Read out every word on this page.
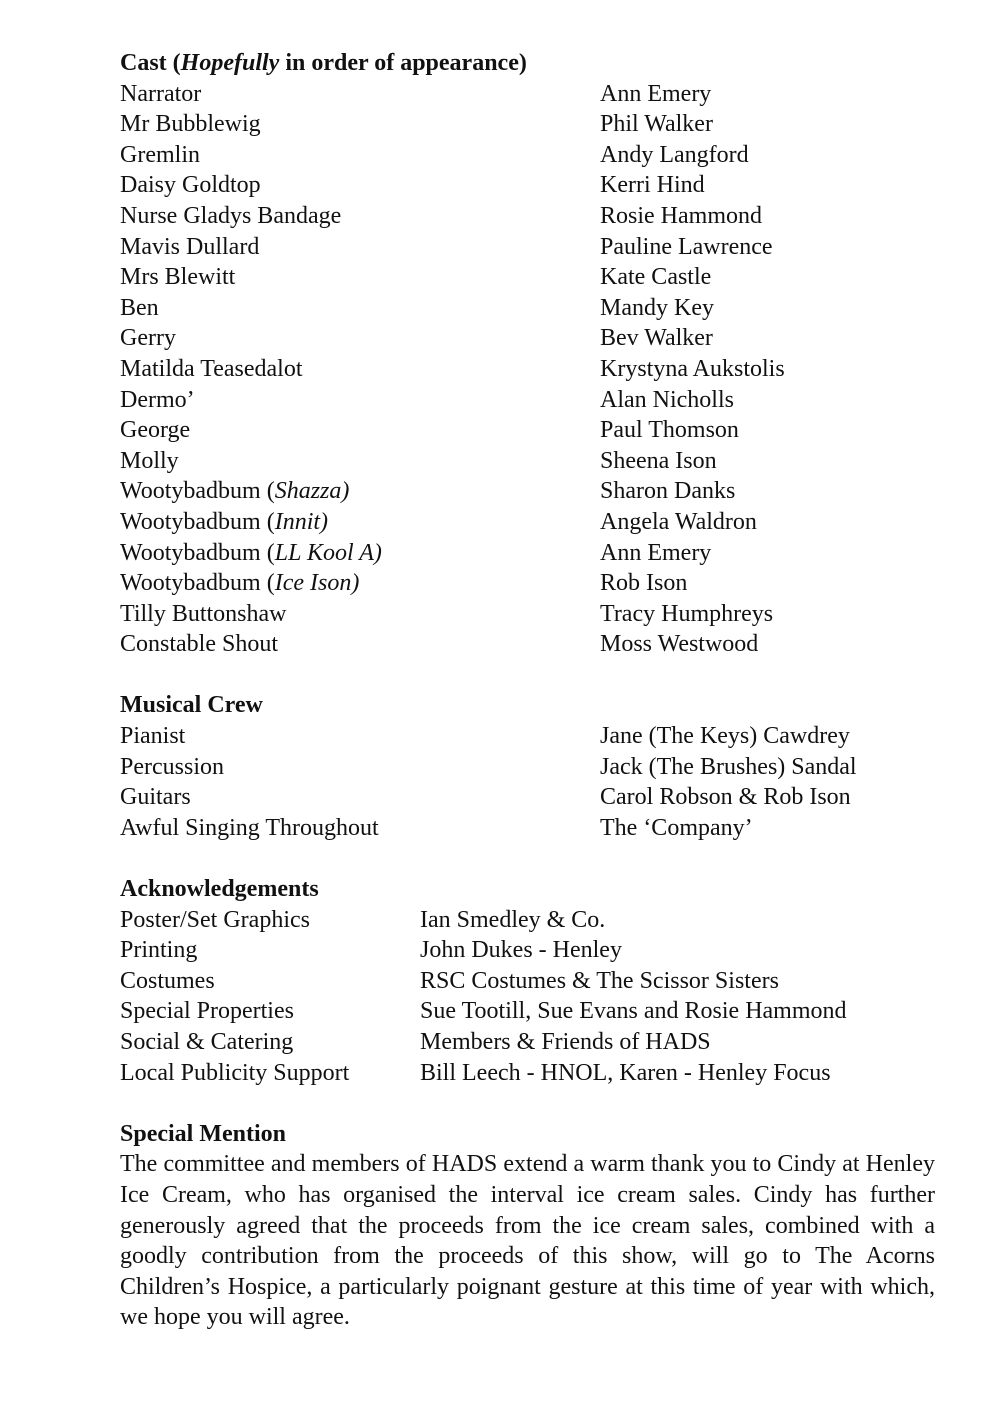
Cast (Hopefully in order of appearance)
Narrator	Ann Emery
Mr Bubblewig	Phil Walker
Gremlin	Andy Langford
Daisy Goldtop	Kerri Hind
Nurse Gladys Bandage	Rosie Hammond
Mavis Dullard	Pauline Lawrence
Mrs Blewitt	Kate Castle
Ben	Mandy Key
Gerry	Bev Walker
Matilda Teasedalot	Krystyna Aukstolis
Dermo’	Alan Nicholls
George	Paul Thomson
Molly	Sheena Ison
Wootybadbum (Shazza)	Sharon Danks
Wootybadbum (Innit)	Angela Waldron
Wootybadbum (LL Kool A)	Ann Emery
Wootybadbum (Ice Ison)	Rob Ison
Tilly Buttonshaw	Tracy Humphreys
Constable Shout	Moss Westwood
Musical Crew
Pianist	Jane (The Keys) Cawdrey
Percussion	Jack (The Brushes) Sandal
Guitars	Carol Robson & Rob Ison
Awful Singing Throughout	The ‘Company’
Acknowledgements
Poster/Set Graphics	Ian Smedley & Co.
Printing	John Dukes - Henley
Costumes	RSC Costumes & The Scissor Sisters
Special Properties	Sue Tootill, Sue Evans and Rosie Hammond
Social & Catering	Members & Friends of HADS
Local Publicity Support	Bill Leech - HNOL, Karen - Henley Focus
Special Mention

The committee and members of HADS extend a warm thank you to Cindy at Henley Ice Cream, who has organised the interval ice cream sales. Cindy has further generously agreed that the proceeds from the ice cream sales, combined with a goodly contribution from the proceeds of this show, will go to The Acorns Children’s Hospice, a particularly poignant gesture at this time of year with which, we hope you will agree.
